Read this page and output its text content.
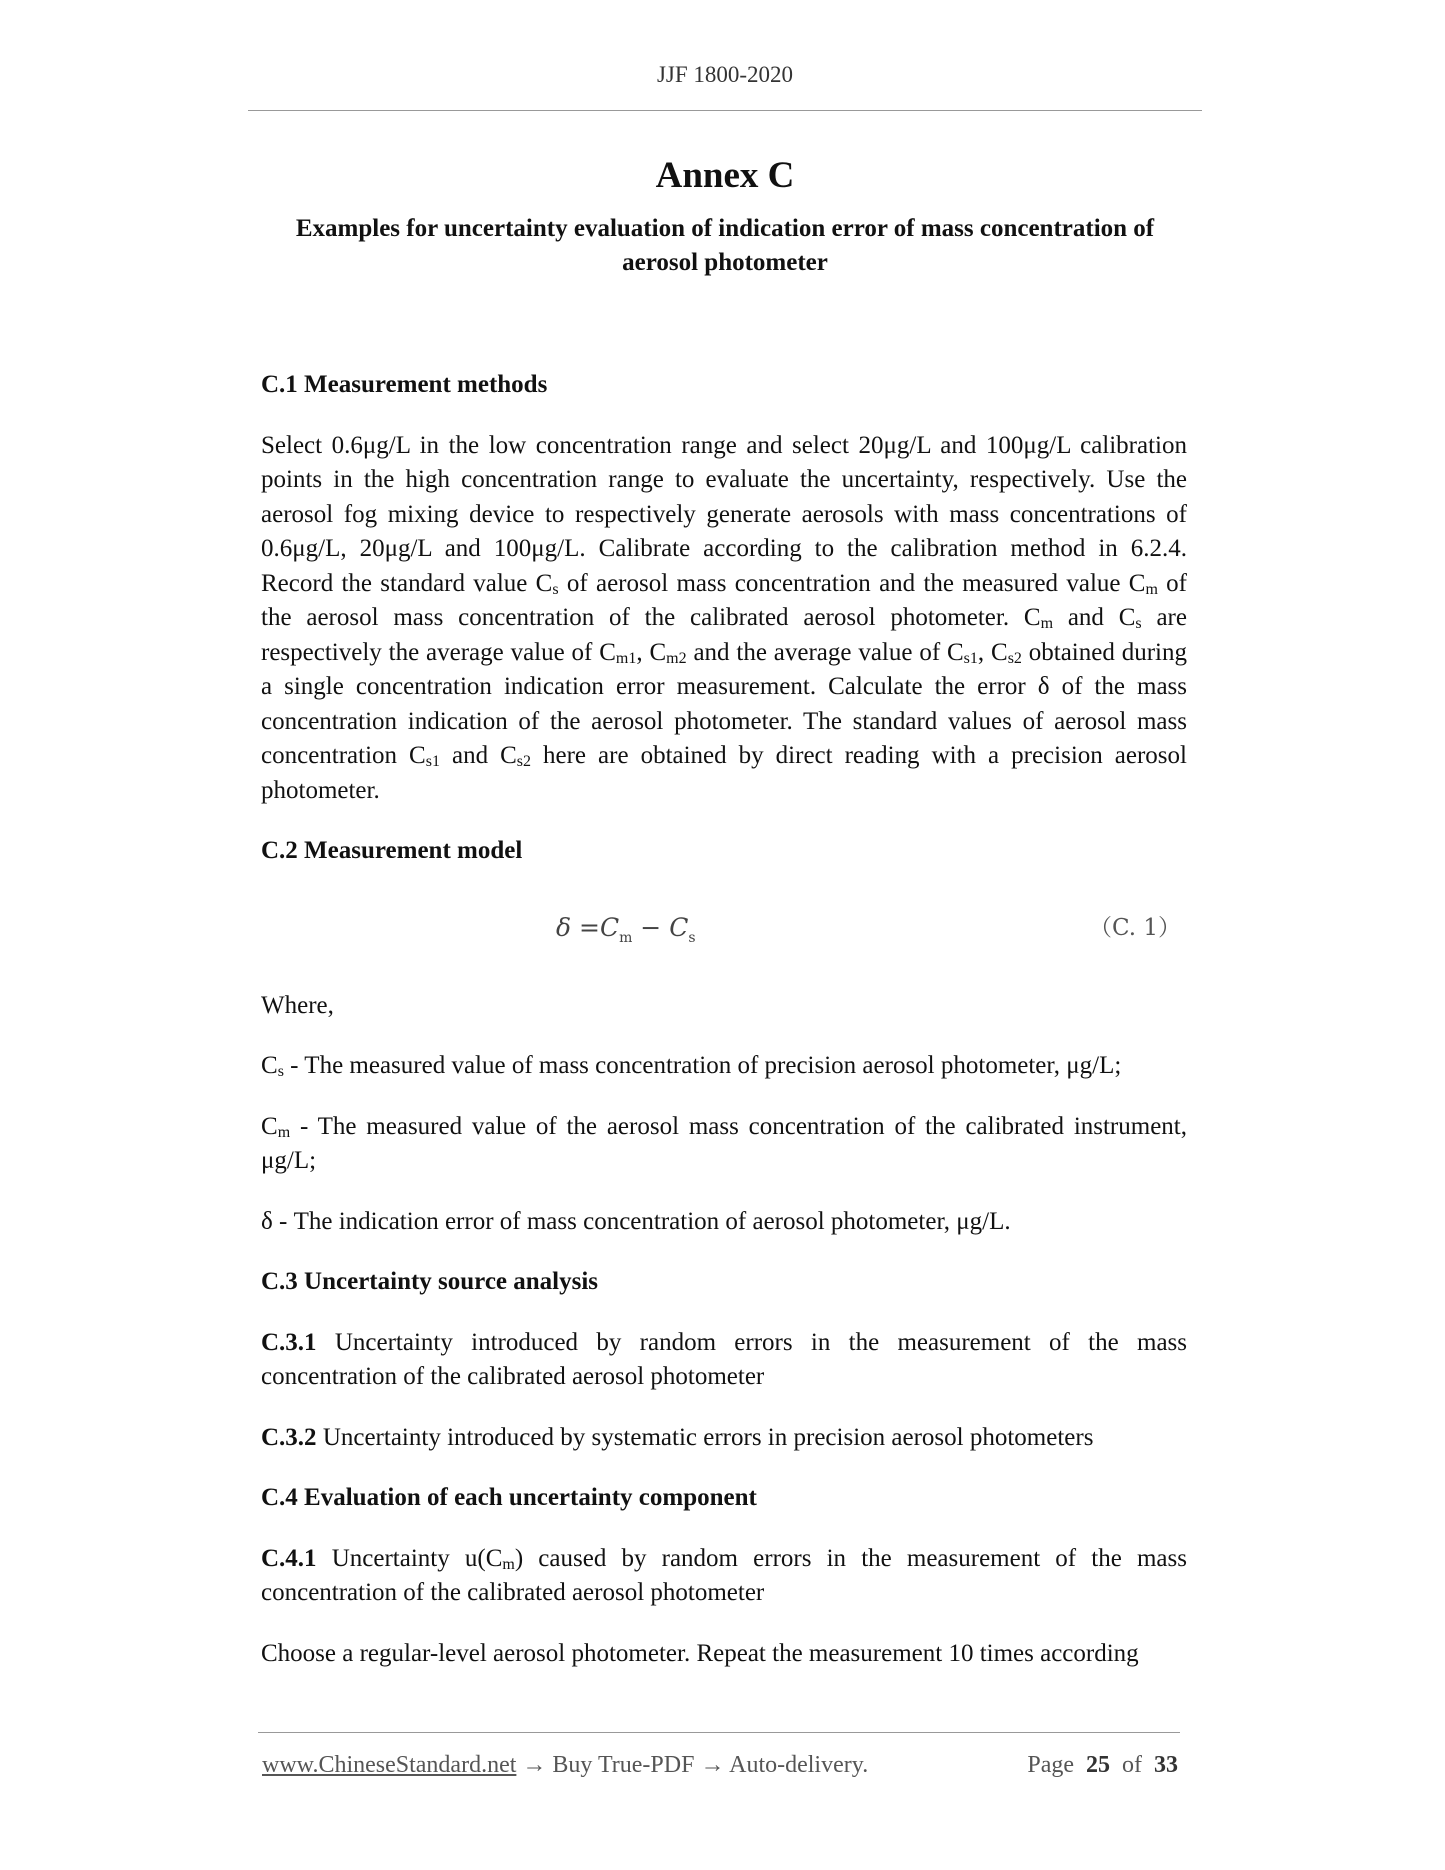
JJF 1800-2020
Annex C
Examples for uncertainty evaluation of indication error of mass concentration of
aerosol photometer

C.1 Measurement methods

Select 0.6μg/L in the low concentration range and select 20μg/L and 100μg/L calibration points in the high concentration range to evaluate the uncertainty, respectively. Use the aerosol fog mixing device to respectively generate aerosols with mass concentrations of 0.6μg/L, 20μg/L and 100μg/L. Calibrate according to the calibration method in 6.2.4. Record the standard value $C_s$ of aerosol mass concentration and the measured value $C_m$ of the aerosol mass concentration of the calibrated aerosol photometer. $C_m$ and $C_s$ are respectively the average value of $C_{m1}$, $C_{m2}$ and the average value of $C_{s1}$, $C_{s2}$ obtained during a single concentration indication error measurement. Calculate the error δ of the mass concentration indication of the aerosol photometer. The standard values of aerosol mass concentration $C_{s1}$ and $C_{s2}$ here are obtained by direct reading with a precision aerosol photometer.

C.2 Measurement model

$\delta =C_m - C_s$	（C. 1）

Where,

$C_s$ - The measured value of mass concentration of precision aerosol photometer, μg/L;

$C_m$ - The measured value of the aerosol mass concentration of the calibrated instrument, μg/L;

δ - The indication error of mass concentration of aerosol photometer, μg/L.

C.3 Uncertainty source analysis

C.3.1 Uncertainty introduced by random errors in the measurement of the mass concentration of the calibrated aerosol photometer

C.3.2 Uncertainty introduced by systematic errors in precision aerosol photometers

C.4 Evaluation of each uncertainty component

C.4.1 Uncertainty $u(C_m)$ caused by random errors in the measurement of the mass concentration of the calibrated aerosol photometer

Choose a regular-level aerosol photometer. Repeat the measurement 10 times according

www.ChineseStandard.net → Buy True-PDF → Auto-delivery.	Page 25 of 33
